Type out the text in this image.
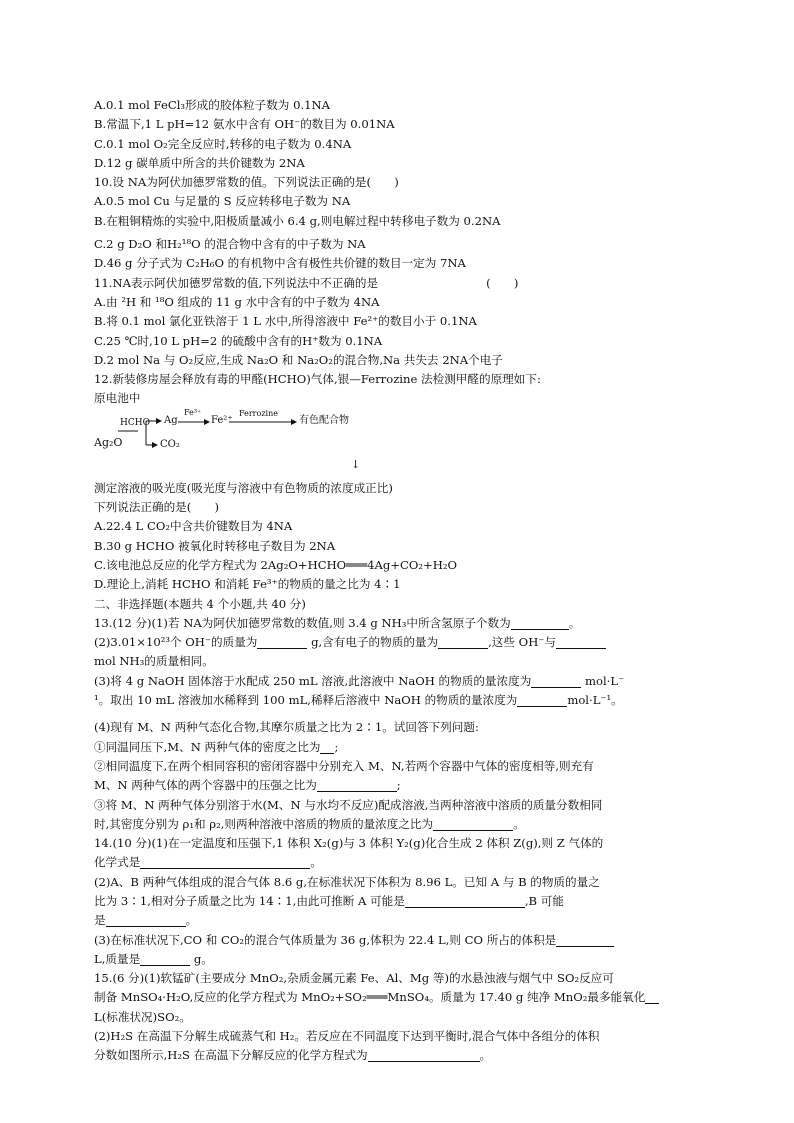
A.0.1 mol FeCl₃形成的胶体粒子数为 0.1NA

B.常温下,1 L pH=12 氨水中含有 OH⁻的数目为 0.01NA

C.0.1 mol O₂完全反应时,转移的电子数为 0.4NA

D.12 g 碳单质中所含的共价键数为 2NA

10.设 NA为阿伏加德罗常数的值。下列说法正确的是(　　)

A.0.5 mol Cu 与足量的 S 反应转移电子数为 NA

B.在粗铜精炼的实验中,阳极质量减小 6.4 g,则电解过程中转移电子数为 0.2NA

C.2 g D₂O 和H₂¹⁸O 的混合物中含有的中子数为 NA

D.46 g 分子式为 C₂H₆O 的有机物中含有极性共价键的数目一定为 7NA

11.NA表示阿伏加德罗常数的值,下列说法中不正确的是	(　　)

A.由 ²H 和 ¹⁸O 组成的 11 g 水中含有的中子数为 4NA

B.将 0.1 mol 氯化亚铁溶于 1 L 水中,所得溶液中 Fe²⁺的数目小于 0.1NA

C.25 ℃时,10 L pH=2 的硫酸中含有的H⁺数为 0.1NA

D.2 mol Na 与 O₂反应,生成 Na₂O 和 Na₂O₂的混合物,Na 共失去 2NA个电子

12.新装修房屋会释放有毒的甲醛(HCHO)气体,银—Ferrozine 法检测甲醛的原理如下:

原电池中

HCHO
Ag₂O
Ag
Fe³⁺
Fe²⁺
Ferrozine
有色配合物
CO₂
↓

测定溶液的吸光度(吸光度与溶液中有色物质的浓度成正比)

下列说法正确的是(　　)

A.22.4 L CO₂中含共价键数目为 4NA

B.30 g HCHO 被氧化时转移电子数目为 2NA

C.该电池总反应的化学方程式为 2Ag₂O+HCHO═══4Ag+CO₂+H₂O

D.理论上,消耗 HCHO 和消耗 Fe³⁺的物质的量之比为 4∶1

二、非选择题(本题共 4 个小题,共 40 分)

13.(12 分)(1)若 NA为阿伏加德罗常数的数值,则 3.4 g NH₃中所含氢原子个数为	。

(2)3.01×10²³个 OH⁻的质量为	g,含有电子的物质的量为	,这些 OH⁻与

mol NH₃的质量相同。

(3)将 4 g NaOH 固体溶于水配成 250 mL 溶液,此溶液中 NaOH 的物质的量浓度为	mol·L⁻

¹。取出 10 mL 溶液加水稀释到 100 mL,稀释后溶液中 NaOH 的物质的量浓度为	mol·L⁻¹。

(4)现有 M、N 两种气态化合物,其摩尔质量之比为 2∶1。试回答下列问题:

①同温同压下,M、N 两种气体的密度之比为 ;

②相同温度下,在两个相同容积的密闭容器中分别充入 M、N,若两个容器中气体的密度相等,则充有

M、N 两种气体的两个容器中的压强之比为	;

③将 M、N 两种气体分别溶于水(M、N 与水均不反应)配成溶液,当两种溶液中溶质的质量分数相同

时,其密度分别为 ρ₁和 ρ₂,则两种溶液中溶质的物质的量浓度之比为	。

14.(10 分)(1)在一定温度和压强下,1 体积 X₂(g)与 3 体积 Y₂(g)化合生成 2 体积 Z(g),则 Z 气体的

化学式是	。

(2)A、B 两种气体组成的混合气体 8.6 g,在标准状况下体积为 8.96 L。已知 A 与 B 的物质的量之

比为 3∶1,相对分子质量之比为 14∶1,由此可推断 A 可能是	,B 可能

是	。

(3)在标准状况下,CO 和 CO₂的混合气体质量为 36 g,体积为 22.4 L,则 CO 所占的体积是

L,质量是	g。

15.(6 分)(1)软锰矿(主要成分 MnO₂,杂质金属元素 Fe、Al、Mg 等)的水悬浊液与烟气中 SO₂反应可

制备 MnSO₄·H₂O,反应的化学方程式为 MnO₂+SO₂═══MnSO₄。质量为 17.40 g 纯净 MnO₂最多能氧化

L(标准状况)SO₂。

(2)H₂S 在高温下分解生成硫蒸气和 H₂。若反应在不同温度下达到平衡时,混合气体中各组分的体积

分数如图所示,H₂S 在高温下分解反应的化学方程式为	。
